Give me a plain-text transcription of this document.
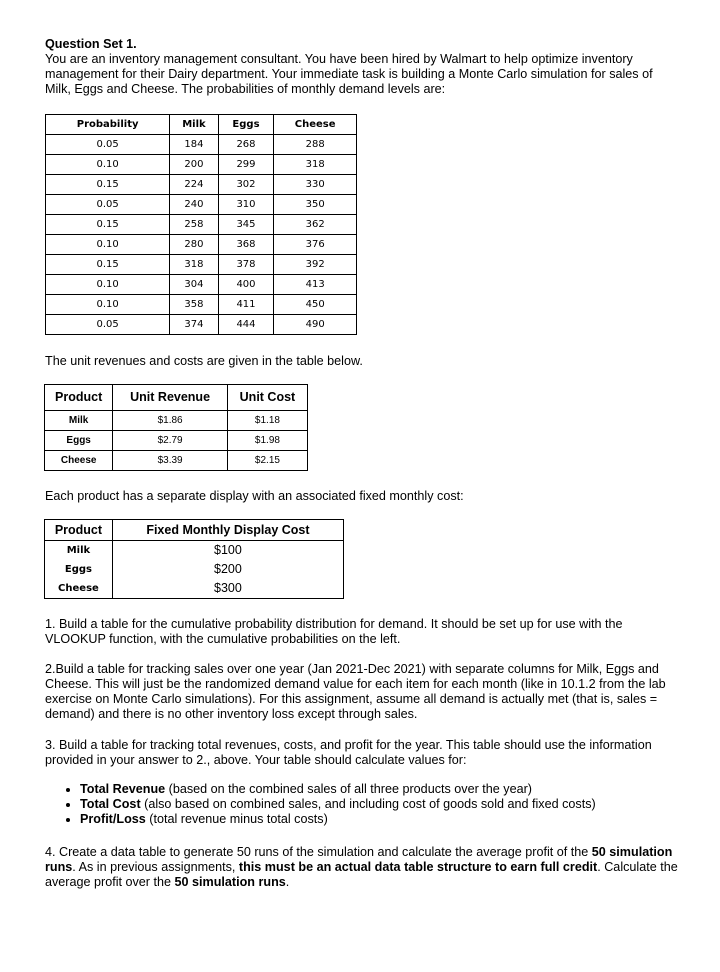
Question Set 1.

You are an inventory management consultant. You have been hired by Walmart to help optimize inventory management for their Dairy department. Your immediate task is building a Monte Carlo simulation for sales of Milk, Eggs and Cheese. The probabilities of monthly demand levels are:

Probability	Milk	Eggs	Cheese
0.05	184	268	288
0.10	200	299	318
0.15	224	302	330
0.05	240	310	350
0.15	258	345	362
0.10	280	368	376
0.15	318	378	392
0.10	304	400	413
0.10	358	411	450
0.05	374	444	490

The unit revenues and costs are given in the table below.

Product	Unit Revenue	Unit Cost
Milk	$1.86	$1.18
Eggs	$2.79	$1.98
Cheese	$3.39	$2.15

Each product has a separate display with an associated fixed monthly cost:

Product	Fixed Monthly Display Cost
Milk	$100
Eggs	$200
Cheese	$300

1. Build a table for the cumulative probability distribution for demand. It should be set up for use with the VLOOKUP function, with the cumulative probabilities on the left.

2.Build a table for tracking sales over one year (Jan 2021-Dec 2021) with separate columns for Milk, Eggs and Cheese. This will just be the randomized demand value for each item for each month (like in 10.1.2 from the lab exercise on Monte Carlo simulations). For this assignment, assume all demand is actually met (that is, sales = demand) and there is no other inventory loss except through sales.

3. Build a table for tracking total revenues, costs, and profit for the year. This table should use the information provided in your answer to 2., above. Your table should calculate values for:

• Total Revenue (based on the combined sales of all three products over the year)
• Total Cost (also based on combined sales, and including cost of goods sold and fixed costs)
• Profit/Loss (total revenue minus total costs)

4. Create a data table to generate 50 runs of the simulation and calculate the average profit of the 50 simulation runs. As in previous assignments, this must be an actual data table structure to earn full credit. Calculate the average profit over the 50 simulation runs.
